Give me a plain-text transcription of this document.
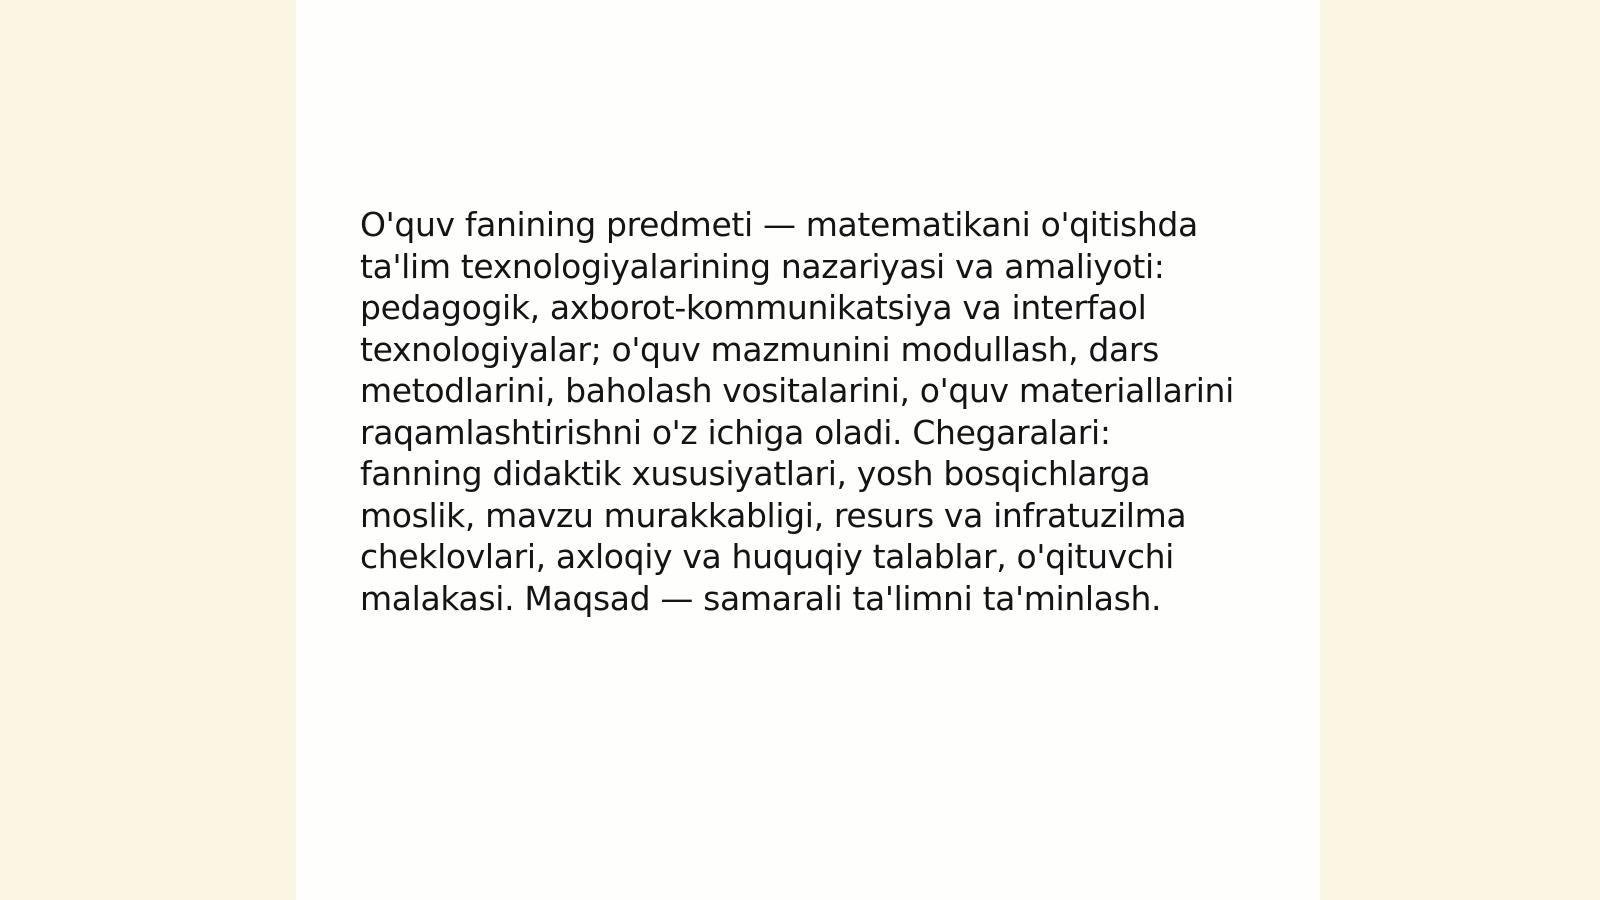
O'quv fanining predmeti — matematikani o'qitishda
ta'lim texnologiyalarining nazariyasi va amaliyoti:
pedagogik, axborot-kommunikatsiya va interfaol
texnologiyalar; o'quv mazmunini modullash, dars
metodlarini, baholash vositalarini, o'quv materiallarini
raqamlashtirishni o'z ichiga oladi. Chegaralari:
fanning didaktik xususiyatlari, yosh bosqichlarga
moslik, mavzu murakkabligi, resurs va infratuzilma
cheklovlari, axloqiy va huquqiy talablar, o'qituvchi
malakasi. Maqsad — samarali ta'limni ta'minlash.
